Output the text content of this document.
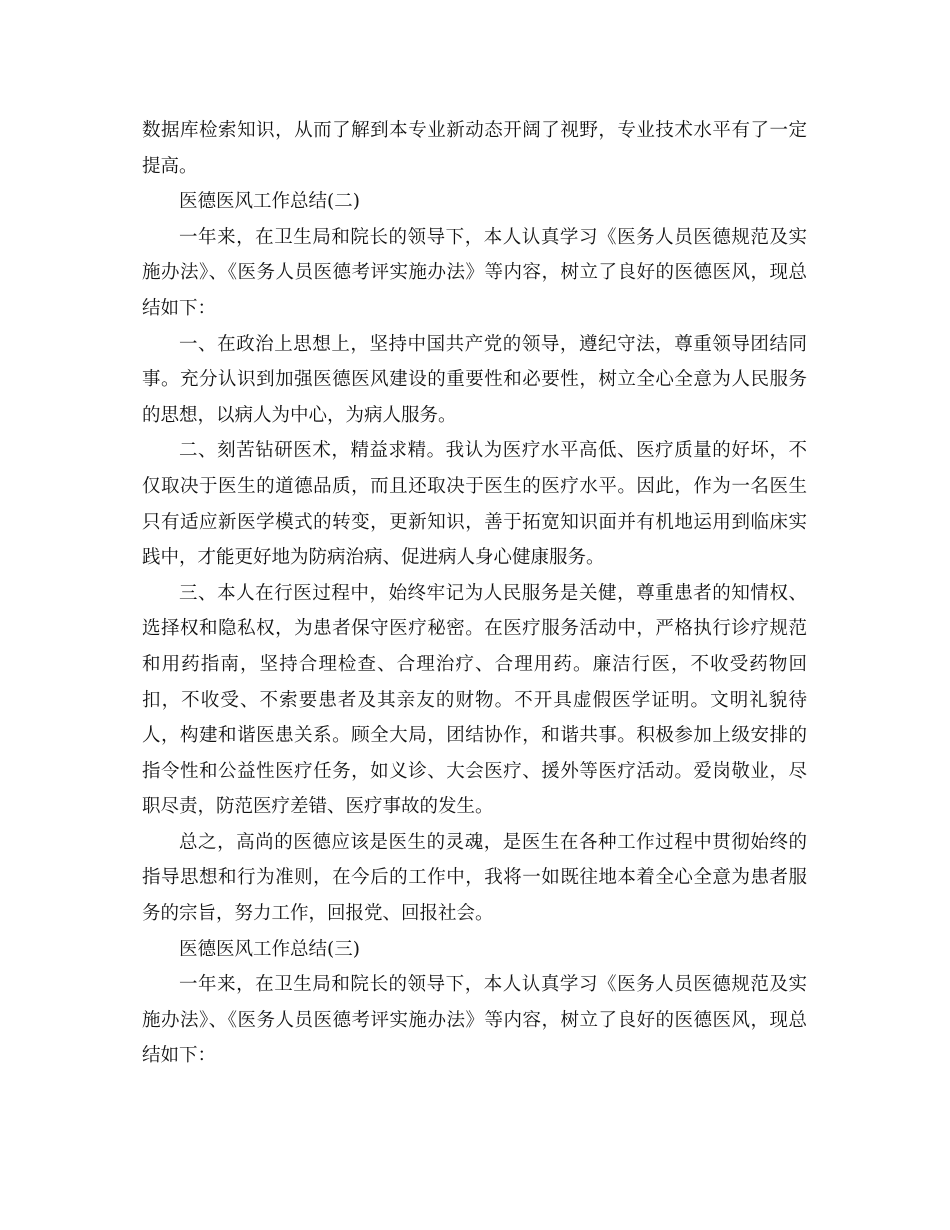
数据库检索知识，从而了解到本专业新动态开阔了视野，专业技术水平有了一定提高。

医德医风工作总结(二)

一年来，在卫生局和院长的领导下，本人认真学习《医务人员医德规范及实施办法》、《医务人员医德考评实施办法》等内容，树立了良好的医德医风，现总结如下：

一、在政治上思想上，坚持中国共产党的领导，遵纪守法，尊重领导团结同事。充分认识到加强医德医风建设的重要性和必要性，树立全心全意为人民服务的思想，以病人为中心，为病人服务。

二、刻苦钻研医术，精益求精。我认为医疗水平高低、医疗质量的好坏，不仅取决于医生的道德品质，而且还取决于医生的医疗水平。因此，作为一名医生只有适应新医学模式的转变，更新知识，善于拓宽知识面并有机地运用到临床实践中，才能更好地为防病治病、促进病人身心健康服务。

三、本人在行医过程中，始终牢记为人民服务是关健，尊重患者的知情权、选择权和隐私权，为患者保守医疗秘密。在医疗服务活动中，严格执行诊疗规范和用药指南，坚持合理检查、合理治疗、合理用药。廉洁行医，不收受药物回扣，不收受、不索要患者及其亲友的财物。不开具虚假医学证明。文明礼貌待人，构建和谐医患关系。顾全大局，团结协作，和谐共事。积极参加上级安排的指令性和公益性医疗任务，如义诊、大会医疗、援外等医疗活动。爱岗敬业，尽职尽责，防范医疗差错、医疗事故的发生。

总之，高尚的医德应该是医生的灵魂，是医生在各种工作过程中贯彻始终的指导思想和行为准则，在今后的工作中，我将一如既往地本着全心全意为患者服务的宗旨，努力工作，回报党、回报社会。

医德医风工作总结(三)

一年来，在卫生局和院长的领导下，本人认真学习《医务人员医德规范及实施办法》、《医务人员医德考评实施办法》等内容，树立了良好的医德医风，现总结如下：
